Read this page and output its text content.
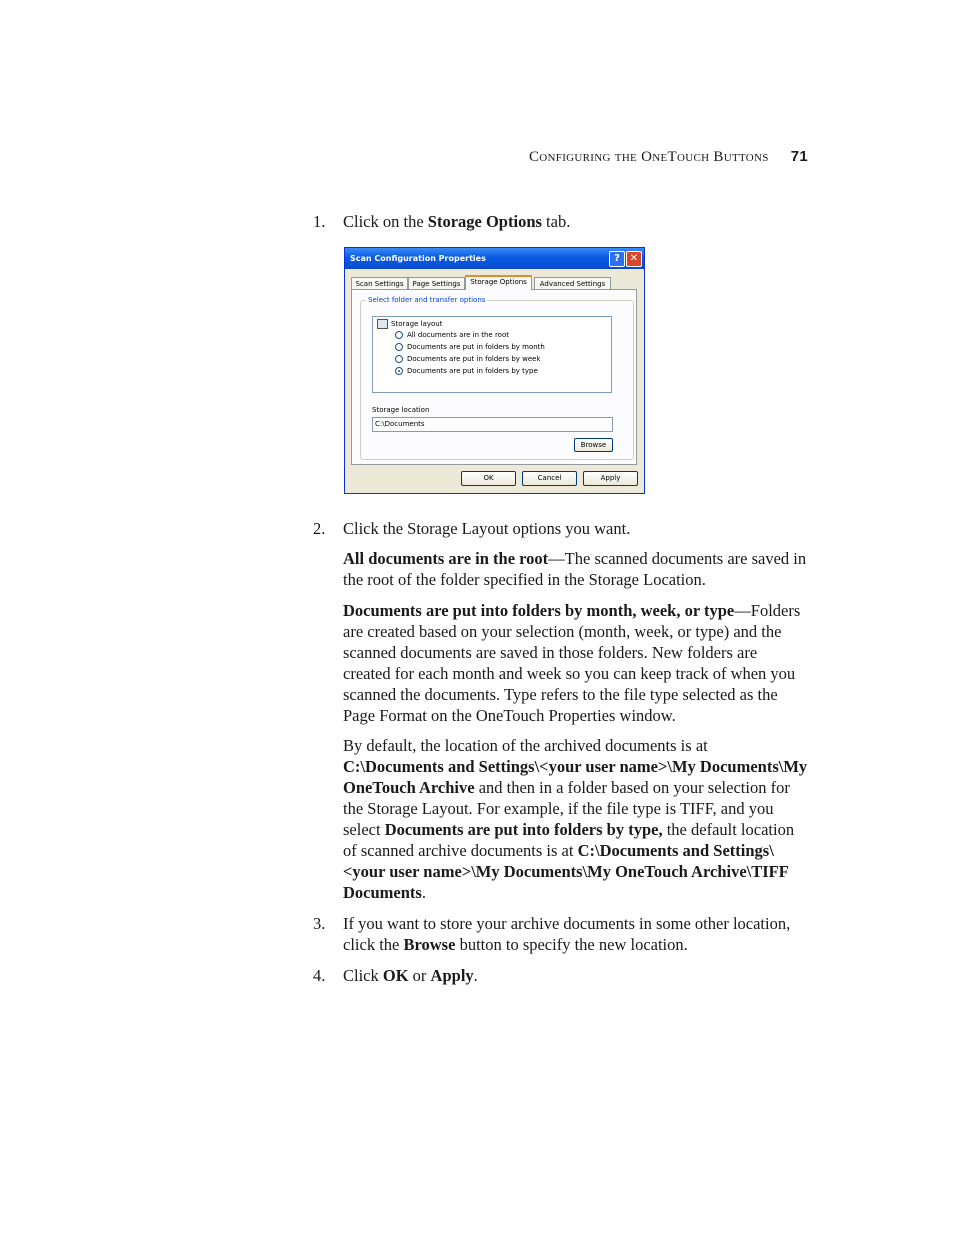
Configuring the OneTouch Buttons 71
1. Click on the Storage Options tab.
Scan Configuration Properties	? ✕
Scan Settings	Page Settings	Storage Options	Advanced Settings
Select folder and transfer options
Storage layout
All documents are in the root
Documents are put in folders by month
Documents are put in folders by week
Documents are put in folders by type
Storage location
C:\Documents
Browse
OK	Cancel	Apply
2. Click the Storage Layout options you want.
All documents are in the root—The scanned documents are saved in the root of the folder specified in the Storage Location.
Documents are put into folders by month, week, or type—Folders are created based on your selection (month, week, or type) and the scanned documents are saved in those folders. New folders are created for each month and week so you can keep track of when you scanned the documents. Type refers to the file type selected as the Page Format on the OneTouch Properties window.
By default, the location of the archived documents is at C:\Documents and Settings\<your user name>\My Documents\My OneTouch Archive and then in a folder based on your selection for the Storage Layout. For example, if the file type is TIFF, and you select Documents are put into folders by type, the default location of scanned archive documents is at C:\Documents and Settings\<your user name>\My Documents\My OneTouch Archive\TIFF Documents.
3. If you want to store your archive documents in some other location, click the Browse button to specify the new location.
4. Click OK or Apply.
